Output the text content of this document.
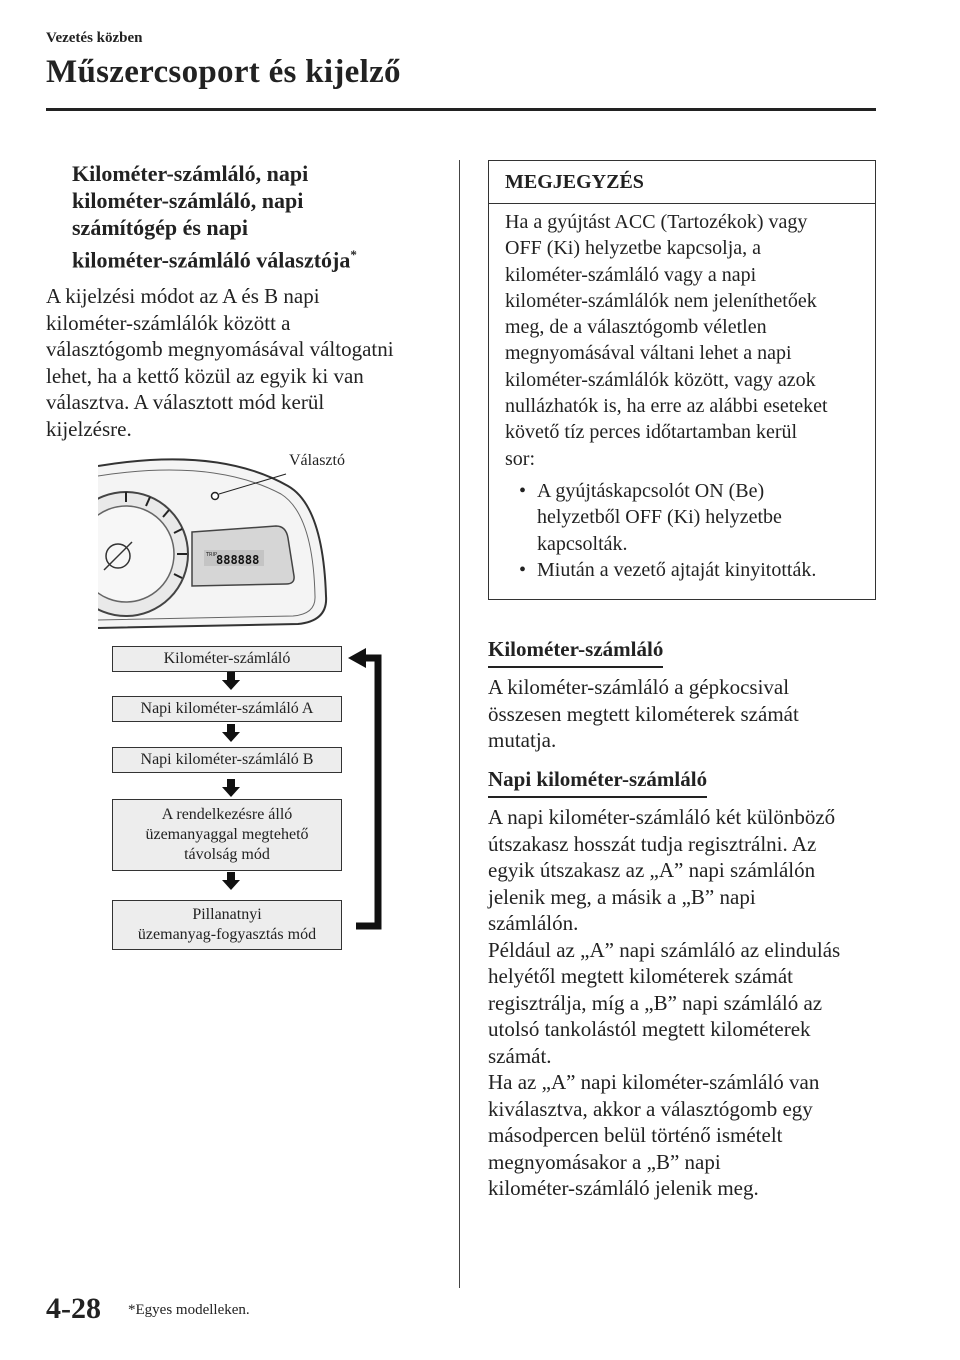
Vezetés közben
Műszercsoport és kijelző
Kilométer-számláló, napi
kilométer-számláló, napi
számítógép és napi
kilométer-számláló választója*
A kijelzési módot az A és B napi
kilométer-számlálók között a
választógomb megnyomásával váltogatni
lehet, ha a kettő közül az egyik ki van
választva. A választott mód kerül
kijelzésre.
TRIP
888888
Választó
Kilométer-számláló
Napi kilométer-számláló A
Napi kilométer-számláló B
A rendelkezésre álló
üzemanyaggal megtehető
távolság mód
Pillanatnyi
üzemanyag-fogyasztás mód
MEGJEGYZÉS
Ha a gyújtást ACC (Tartozékok) vagy
OFF (Ki) helyzetbe kapcsolja, a
kilométer-számláló vagy a napi
kilométer-számlálók nem jeleníthetőek
meg, de a választógomb véletlen
megnyomásával váltani lehet a napi
kilométer-számlálók között, vagy azok
nullázhatók is, ha erre az alábbi eseteket
követő tíz perces időtartamban kerül
sor:
• A gyújtáskapcsolót ON (Be)
helyzetből OFF (Ki) helyzetbe
kapcsolták.
• Miután a vezető ajtaját kinyitották.
Kilométer-számláló
A kilométer-számláló a gépkocsival
összesen megtett kilométerek számát
mutatja.
Napi kilométer-számláló
A napi kilométer-számláló két különböző
útszakasz hosszát tudja regisztrálni. Az
egyik útszakasz az „A” napi számlálón
jelenik meg, a másik a „B” napi
számlálón.
Például az „A” napi számláló az elindulás
helyétől megtett kilométerek számát
regisztrálja, míg a „B” napi számláló az
utolsó tankolástól megtett kilométerek
számát.
Ha az „A” napi kilométer-számláló van
kiválasztva, akkor a választógomb egy
másodpercen belül történő ismételt
megnyomásakor a „B” napi
kilométer-számláló jelenik meg.
4-28 *Egyes modelleken.
